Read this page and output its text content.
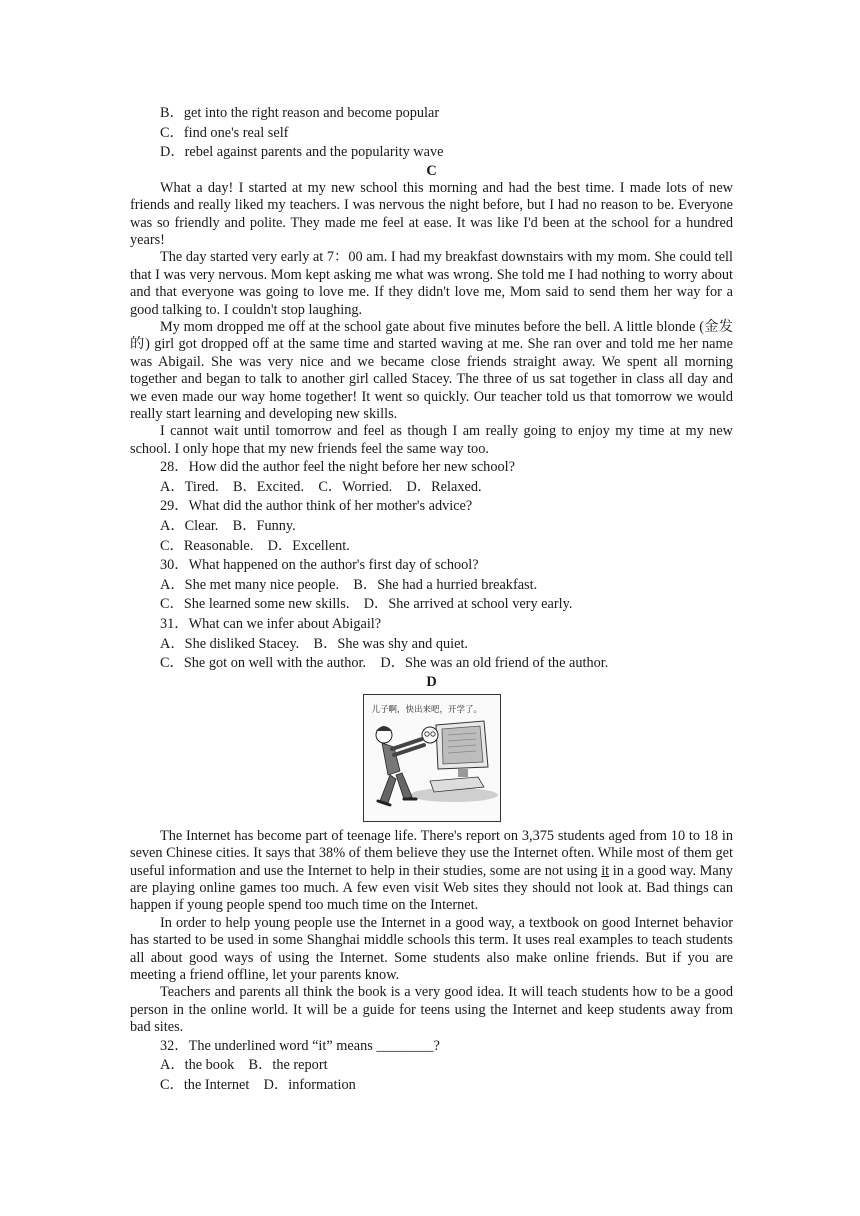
B．get into the right reason and become popular
C．find one's real self
D．rebel against parents and the popularity wave
C

What a day! I started at my new school this morning and had the best time. I made lots of new friends and really liked my teachers. I was nervous the night before, but I had no reason to be. Everyone was so friendly and polite. They made me feel at ease. It was like I'd been at the school for a hundred years!

The day started very early at 7：00 am. I had my breakfast downstairs with my mom. She could tell that I was very nervous. Mom kept asking me what was wrong. She told me I had nothing to worry about and that everyone was going to love me. If they didn't love me, Mom said to send them her way for a good talking to. I couldn't stop laughing.

My mom dropped me off at the school gate about five minutes before the bell. A little blonde (金发的) girl got dropped off at the same time and started waving at me. She ran over and told me her name was Abigail. She was very nice and we became close friends straight away. We spent all morning together and began to talk to another girl called Stacey. The three of us sat together in class all day and we even made our way home together! It went so quickly. Our teacher told us that tomorrow we would really start learning and developing new skills.

I cannot wait until tomorrow and feel as though I am really going to enjoy my time at my new school. I only hope that my new friends feel the same way too.

28．How did the author feel the night before her new school?
A．Tired.    B．Excited.    C．Worried.    D．Relaxed.
29．What did the author think of her mother's advice?
A．Clear.    B．Funny.
C．Reasonable.    D．Excellent.
30．What happened on the author's first day of school?
A．She met many nice people.    B．She had a hurried breakfast.
C．She learned some new skills.    D．She arrived at school very early.
31．What can we infer about Abigail?
A．She disliked Stacey.    B．She was shy and quiet.
C．She got on well with the author.    D．She was an old friend of the author.
D
儿子啊，快出来吧，开学了。

The Internet has become part of teenage life. There's report on 3,375 students aged from 10 to 18 in seven Chinese cities. It says that 38% of them believe they use the Internet often. While most of them get useful information and use the Internet to help in their studies, some are not using it in a good way. Many are playing online games too much. A few even visit Web sites they should not look at. Bad things can happen if young people spend too much time on the Internet.

In order to help young people use the Internet in a good way, a textbook on good Internet behavior has started to be used in some Shanghai middle schools this term. It uses real examples to teach students all about good ways of using the Internet. Some students also make online friends. But if you are meeting a friend offline, let your parents know.

Teachers and parents all think the book is a very good idea. It will teach students how to be a good person in the online world. It will be a guide for teens using the Internet and keep students away from bad sites.

32．The underlined word “it” means ________?
A．the book    B．the report
C．the Internet    D．information
